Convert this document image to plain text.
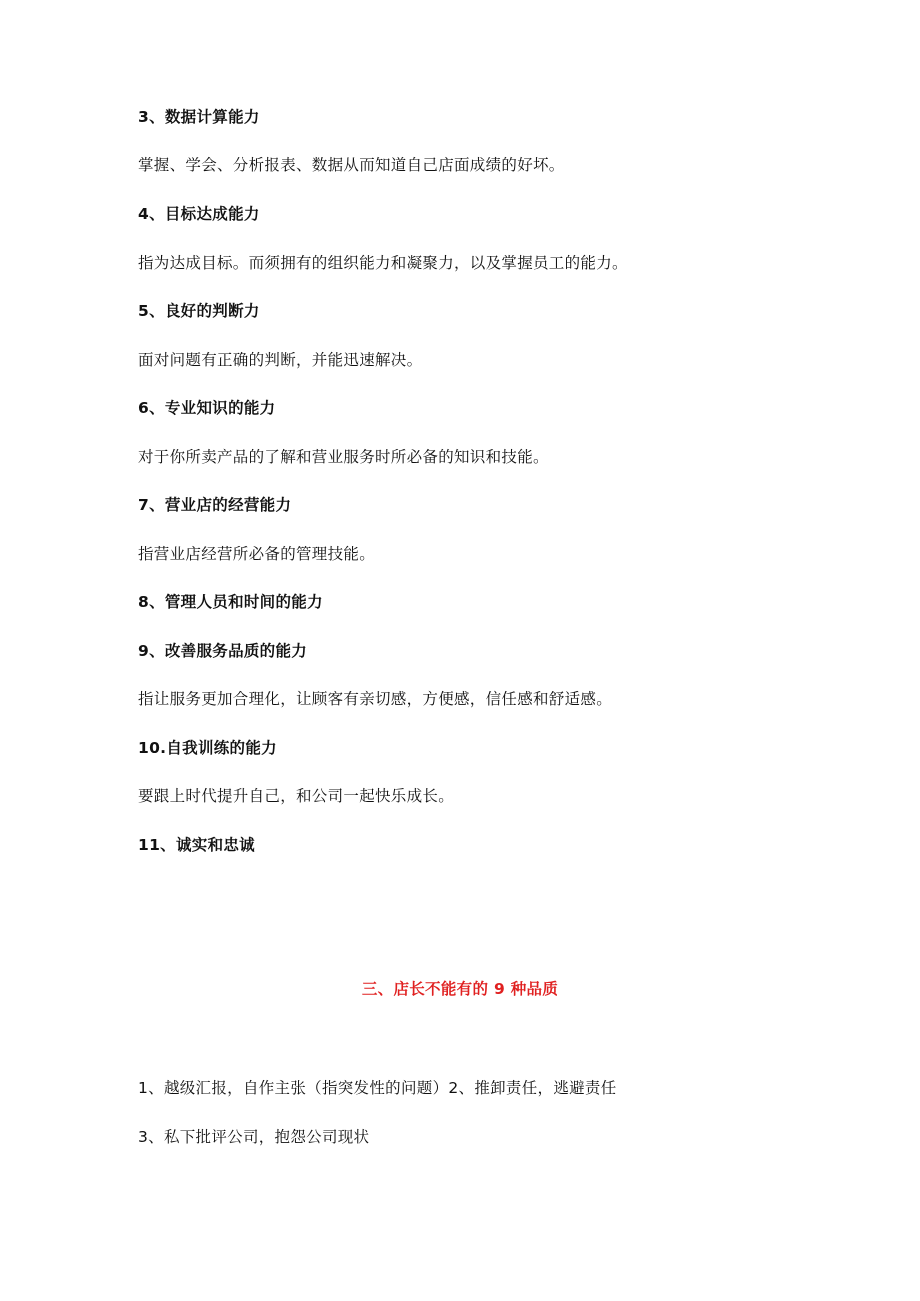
3、数据计算能力
掌握、学会、分析报表、数据从而知道自己店面成绩的好坏。
4、目标达成能力
指为达成目标。而须拥有的组织能力和凝聚力，以及掌握员工的能力。
5、良好的判断力
面对问题有正确的判断，并能迅速解决。
6、专业知识的能力
对于你所卖产品的了解和营业服务时所必备的知识和技能。
7、营业店的经营能力
指营业店经营所必备的管理技能。
8、管理人员和时间的能力
9、改善服务品质的能力
指让服务更加合理化，让顾客有亲切感，方便感，信任感和舒适感。
10.自我训练的能力
要跟上时代提升自己，和公司一起快乐成长。
11、诚实和忠诚
三、店长不能有的 9 种品质
1、越级汇报，自作主张（指突发性的问题）2、推卸责任，逃避责任
3、私下批评公司，抱怨公司现状
